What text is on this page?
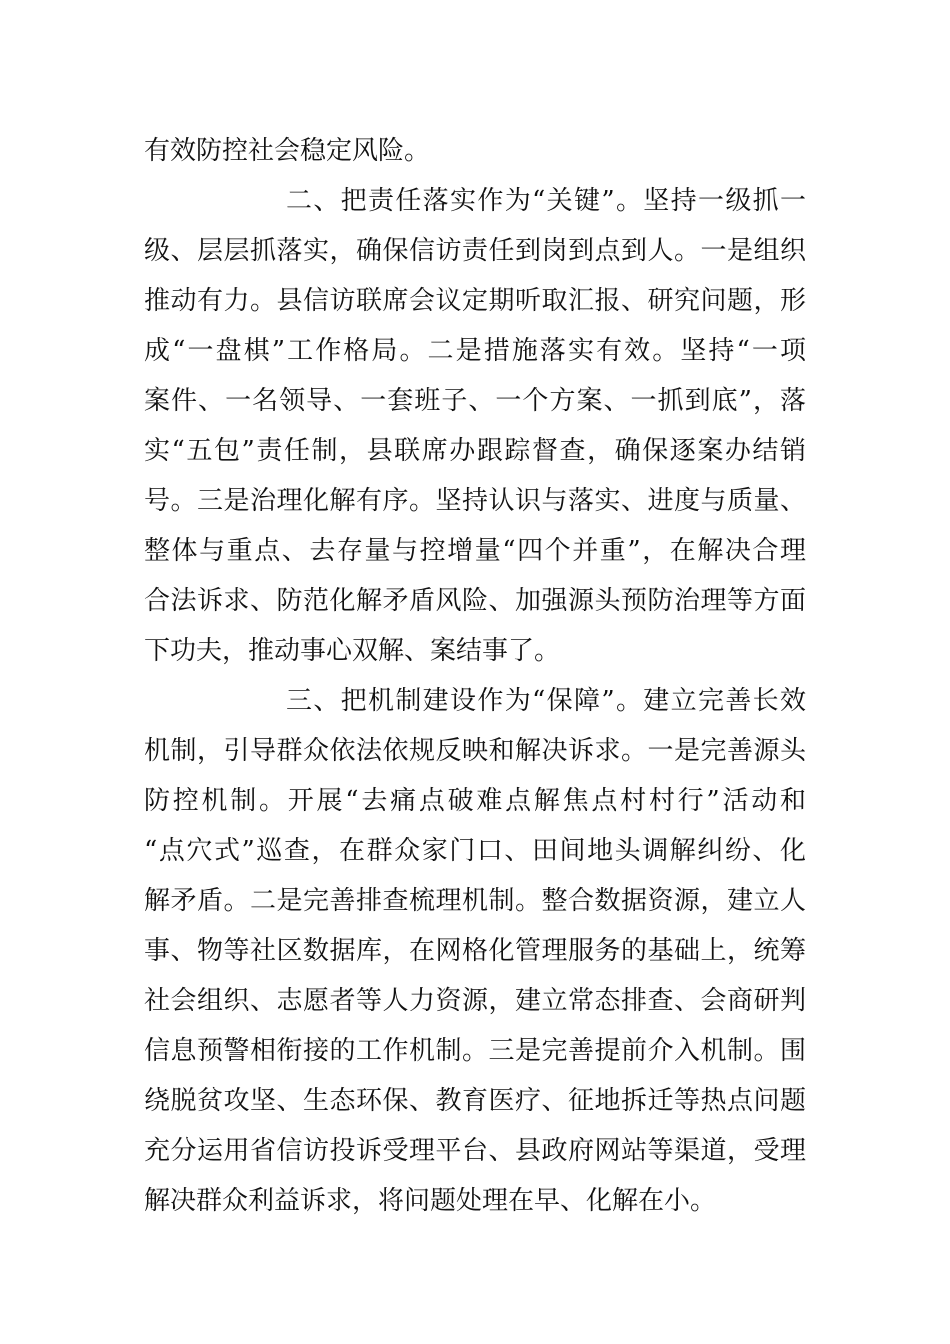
有效防控社会稳定风险。
二、把责任落实作为“关键”。坚持一级抓一
级、层层抓落实，确保信访责任到岗到点到人。一是组织
推动有力。县信访联席会议定期听取汇报、研究问题，形
成“一盘棋”工作格局。二是措施落实有效。坚持“一项
案件、一名领导、一套班子、一个方案、一抓到底”，落
实“五包”责任制，县联席办跟踪督查，确保逐案办结销
号。三是治理化解有序。坚持认识与落实、进度与质量、
整体与重点、去存量与控增量“四个并重”，在解决合理
合法诉求、防范化解矛盾风险、加强源头预防治理等方面
下功夫，推动事心双解、案结事了。
三、把机制建设作为“保障”。建立完善长效
机制，引导群众依法依规反映和解决诉求。一是完善源头
防控机制。开展“去痛点破难点解焦点村村行”活动和
“点穴式”巡查，在群众家门口、田间地头调解纠纷、化
解矛盾。二是完善排查梳理机制。整合数据资源，建立人
事、物等社区数据库，在网格化管理服务的基础上，统筹
社会组织、志愿者等人力资源，建立常态排查、会商研判
信息预警相衔接的工作机制。三是完善提前介入机制。围
绕脱贫攻坚、生态环保、教育医疗、征地拆迁等热点问题
充分运用省信访投诉受理平台、县政府网站等渠道，受理
解决群众利益诉求，将问题处理在早、化解在小。
